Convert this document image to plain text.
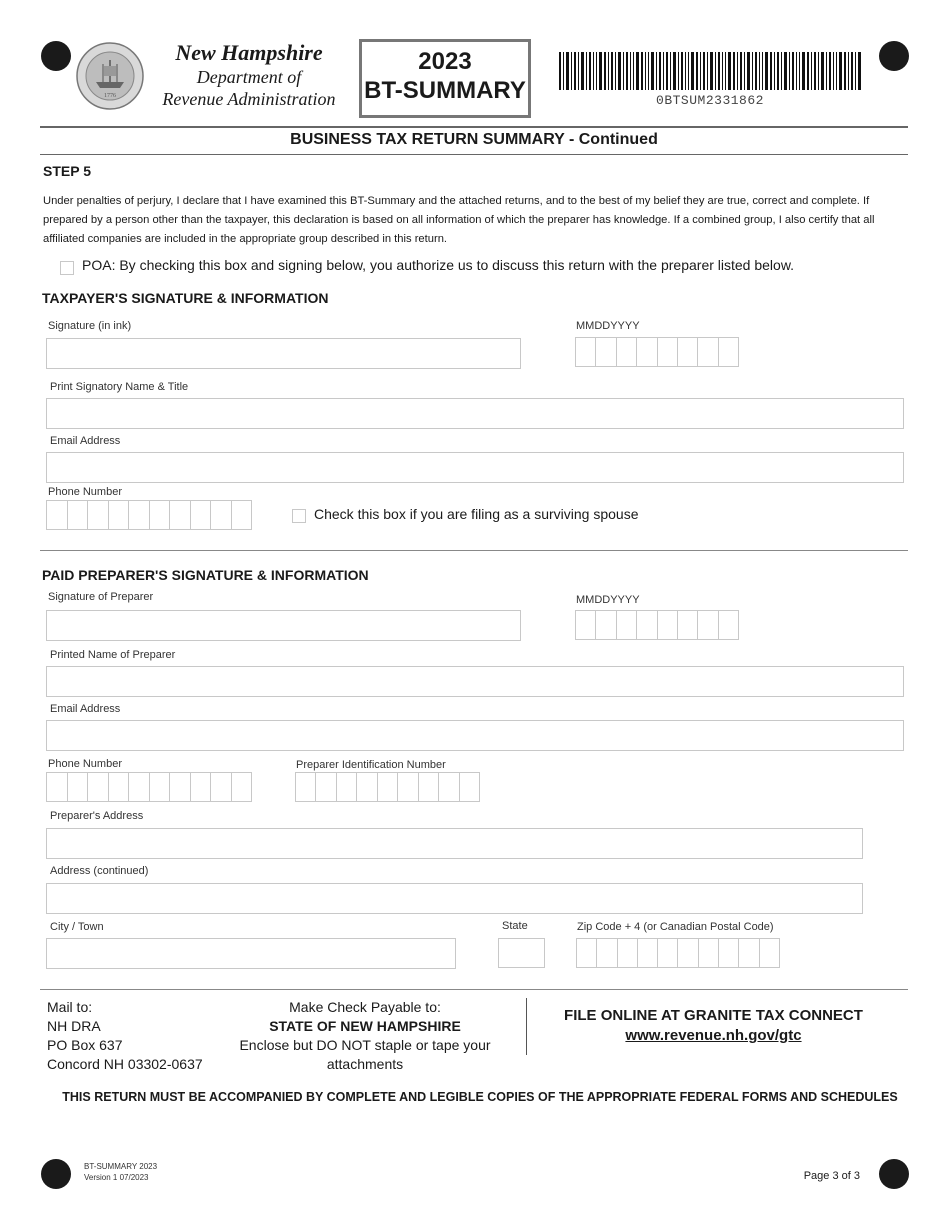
1776
New Hampshire
Department of
Revenue Administration
2023
BT-SUMMARY	0BTSUM2331862
BUSINESS TAX RETURN SUMMARY - Continued
STEP 5
Under penalties of perjury, I declare that I have examined this BT-Summary and the attached returns, and to the best of my belief they are true, correct and complete. If prepared by a person other than the taxpayer, this declaration is based on all information of which the preparer has knowledge. If a combined group, I also certify that all affiliated companies are included in the appropriate group described in this return.
POA: By checking this box and signing below, you authorize us to discuss this return with the preparer listed below.
TAXPAYER'S SIGNATURE & INFORMATION
Signature (in ink)	MMDDYYYY
Print Signatory Name & Title
Email Address
Phone Number
Check this box if you are filing as a surviving spouse
PAID PREPARER'S SIGNATURE & INFORMATION
Signature of Preparer	MMDDYYYY
Printed Name of Preparer
Email Address
Phone Number	Preparer Identification Number
Preparer's Address
Address (continued)
City / Town	State	Zip Code + 4 (or Canadian Postal Code)
Mail to:
NH DRA
PO Box 637
Concord NH 03302-0637
Make Check Payable to:
STATE OF NEW HAMPSHIRE
Enclose but DO NOT staple or tape your
attachments
FILE ONLINE AT GRANITE TAX CONNECT
www.revenue.nh.gov/gtc
THIS RETURN MUST BE ACCOMPANIED BY COMPLETE AND LEGIBLE COPIES OF THE APPROPRIATE FEDERAL FORMS AND SCHEDULES
BT-SUMMARY 2023
Version 1 07/2023	Page 3 of 3
